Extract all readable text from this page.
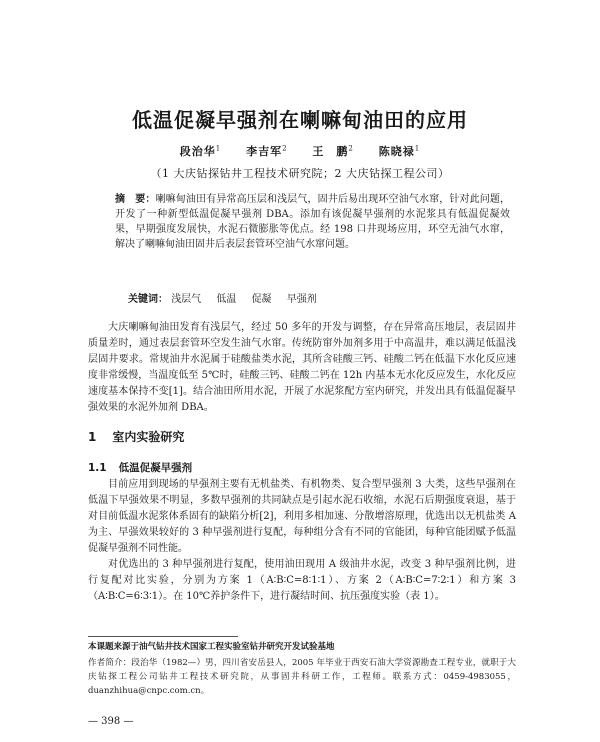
低温促凝早强剂在喇嘛甸油田的应用
段治华$^1$ 李吉军$^2$ 王　鹏$^2$ 陈晓禄$^1$
（1 大庆钻探钻井工程技术研究院；2 大庆钻探工程公司）
摘　要：喇嘛甸油田有异常高压层和浅层气，固井后易出现环空油气水窜，针对此问题，开发了一种新型低温促凝早强剂 DBA。添加有该促凝早强剂的水泥浆具有低温促凝效果，早期强度发展快，水泥石微膨胀等优点。经 198 口井现场应用，环空无油气水窜，解决了喇嘛甸油田固井后表层套管环空油气水窜问题。
关键词： 浅层气 低温 促凝 早强剂
大庆喇嘛甸油田发育有浅层气，经过 50 多年的开发与调整，存在异常高压地层，表层固井质量差时，通过表层套管环空发生油气水窜。传统防窜外加剂多用于中高温井，难以满足低温浅层固井要求。常规油井水泥属于硅酸盐类水泥，其所含硅酸三钙、硅酸二钙在低温下水化反应速度非常缓慢，当温度低至 5℃时，硅酸三钙、硅酸二钙在 12h 内基本无水化反应发生，水化反应速度基本保持不变[1]。结合油田所用水泥，开展了水泥浆配方室内研究，并发出具有低温促凝早强效果的水泥外加剂 DBA。
1 室内实验研究
1.1 低温促凝早强剂
目前应用到现场的早强剂主要有无机盐类、有机物类、复合型早强剂 3 大类，这些早强剂在低温下早强效果不明显，多数早强剂的共同缺点是引起水泥石收缩，水泥石后期强度衰退，基于对目前低温水泥浆体系固有的缺陷分析[2]，利用多相加速、分散增溶原理，优选出以无机盐类 A 为主、早强效果较好的 3 种早强剂进行复配，每种组分含有不同的官能团，每种官能团赋予低温促凝早强剂不同性能。
对优选出的 3 种早强剂进行复配，使用油田现用 A 级油井水泥，改变 3 种早强剂比例，进行复配对比实验，分别为方案 1（A∶B∶C=8∶1∶1）、方案 2（A∶B∶C=7∶2∶1）和方案 3（A∶B∶C=6∶3∶1）。在 10℃养护条件下，进行凝结时间、抗压强度实验（表 1）。
本课题来源于油气钻井技术国家工程实验室钻井研究开发试验基地
作者简介：段治华（1982—）男，四川省安岳县人，2005 年毕业于西安石油大学资源勘查工程专业，就职于大庆钻探工程公司钻井工程技术研究院，从事固井科研工作，工程师。联系方式：0459-4983055，duanzhihua@cnpc.com.cn。
— 398 —
